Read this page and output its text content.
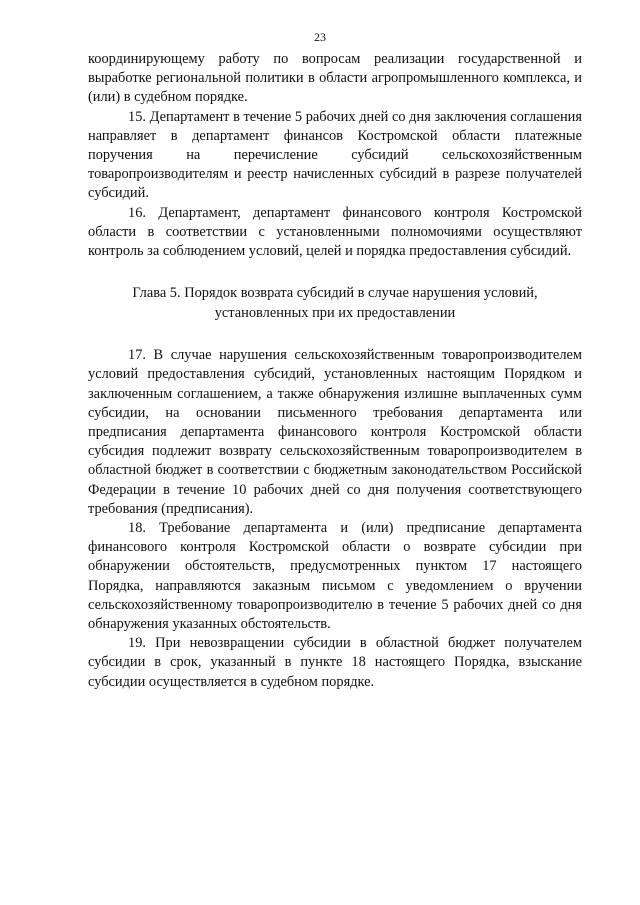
23

координирующему работу по вопросам реализации государственной и выработке региональной политики в области агропромышленного комплекса, и (или) в судебном порядке.

15. Департамент в течение 5 рабочих дней со дня заключения соглашения направляет в департамент финансов Костромской области платежные поручения на перечисление субсидий сельскохозяйственным товаропроизводителям и реестр начисленных субсидий в разрезе получателей субсидий.

16. Департамент, департамент финансового контроля Костромской области в соответствии с установленными полномочиями осуществляют контроль за соблюдением условий, целей и порядка предоставления субсидий.

Глава 5. Порядок возврата субсидий в случае нарушения условий,
установленных при их предоставлении

17. В случае нарушения сельскохозяйственным товаропроизводителем условий предоставления субсидий, установленных настоящим Порядком и заключенным соглашением, а также обнаружения излишне выплаченных сумм субсидии, на основании письменного требования департамента или предписания департамента финансового контроля Костромской области субсидия подлежит возврату сельскохозяйственным товаропроизводителем в областной бюджет в соответствии с бюджетным законодательством Российской Федерации в течение 10 рабочих дней со дня получения соответствующего требования (предписания).

18. Требование департамента и (или) предписание департамента финансового контроля Костромской области о возврате субсидии при обнаружении обстоятельств, предусмотренных пунктом 17 настоящего Порядка, направляются заказным письмом с уведомлением о вручении сельскохозяйственному товаропроизводителю в течение 5 рабочих дней со дня обнаружения указанных обстоятельств.

19. При невозвращении субсидии в областной бюджет получателем субсидии в срок, указанный в пункте 18 настоящего Порядка, взыскание субсидии осуществляется в судебном порядке.
